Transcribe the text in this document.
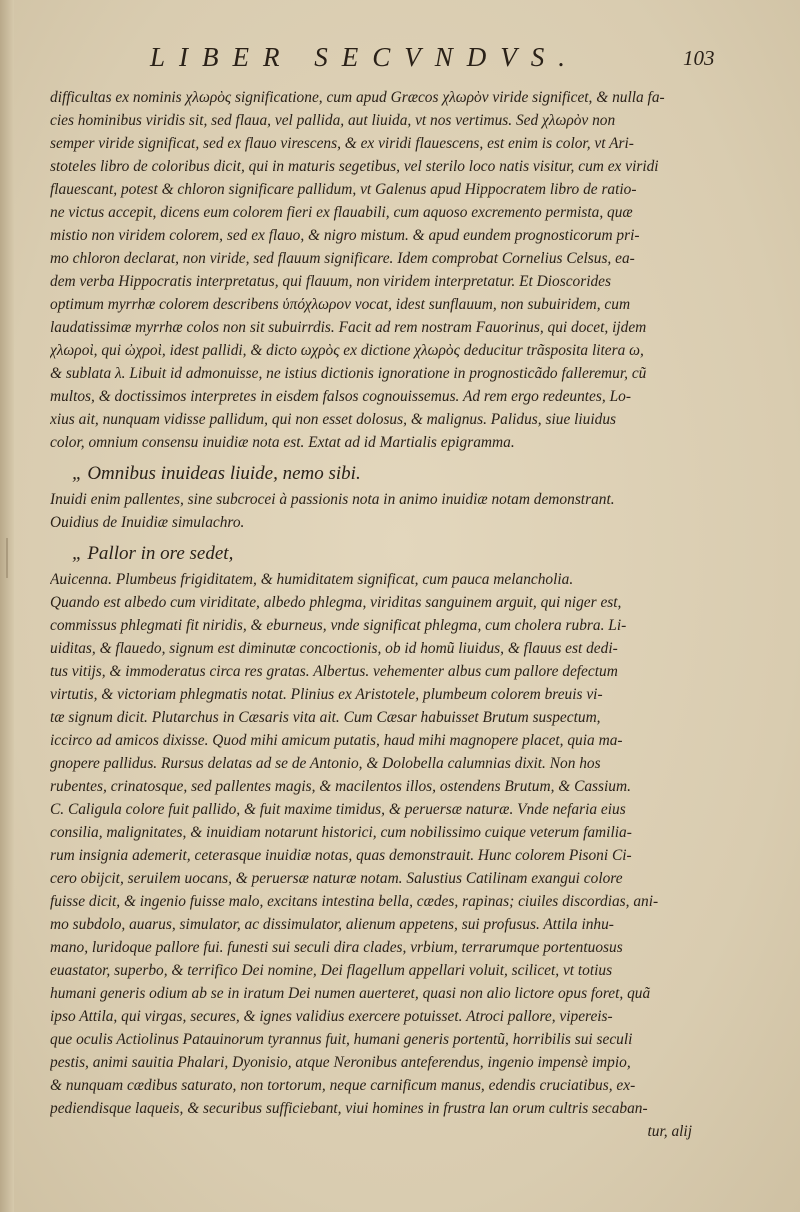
LIBER SECVNDVS.	103
difficultas ex nominis χλωρὸς significatione, cum apud Græcos χλωρὸν viride significet, & nulla fa-
cies hominibus viridis sit, sed flaua, vel pallida, aut liuida, vt nos vertimus. Sed χλωρὸν non
semper viride significat, sed ex flauo virescens, & ex viridi flauescens, est enim is color, vt Ari-
stoteles libro de coloribus dicit, qui in maturis segetibus, vel sterilo loco natis visitur, cum ex viridi
flauescant, potest & chloron significare pallidum, vt Galenus apud Hippocratem libro de ratio-
ne victus accepit, dicens eum colorem fieri ex flauabili, cum aquoso excremento permista, quæ
mistio non viridem colorem, sed ex flauo, & nigro mistum. & apud eundem prognosticorum pri-
mo chloron declarat, non viride, sed flauum significare. Idem comprobat Cornelius Celsus, ea-
dem verba Hippocratis interpretatus, qui flauum, non viridem interpretatur. Et Dioscorides
optimum myrrhæ colorem describens ὑπόχλωρον vocat, idest sunflauum, non subuiridem, cum
laudatissimæ myrrhæ colos non sit subuirrdis. Facit ad rem nostram Fauorinus, qui docet, ijdem
χλωροὶ, qui ὠχροὶ, idest pallidi, & dicto ωχρὸς ex dictione χλωρὸς deducitur trãspositа litera ω,
& sublata λ. Libuit id admonuisse, ne istius dictionis ignoratione in prognosticãdo falleremur, cũ
multos, & doctissimos interpretes in eisdem falsos cognouissemus. Ad rem ergo redeuntes, Lo-
xius ait, nunquam vidisse pallidum, qui non esset dolosus, & malignus. Palidus, siue liuidus
color, omnium consensu inuidiæ nota est. Extat ad id Martialis epigramma.
„ Omnibus inuideas liuide, nemo sibi.
Inuidi enim pallentes, sine subcrocei à passionis nota in animo inuidiæ notam demonstrant.
Ouidius de Inuidiæ simulachro.
„ Pallor in ore sedet,
Auicenna. Plumbeus frigiditatem, & humiditatem significat, cum pauca melancholia.
Quando est albedo cum viriditate, albedo phlegma, viriditas sanguinem arguit, qui niger est,
commissus phlegmati fit niridis, & eburneus, vnde significat phlegma, cum cholera rubra. Li-
uiditas, & flauedo, signum est diminutæ concoctionis, ob id homũ liuidus, & flauus est dedi-
tus vitijs, & immoderatus circa res gratas. Albertus. vehementer albus cum pallore defectum
virtutis, & victoriam phlegmatis notat. Plinius ex Aristotele, plumbeum colorem breuis vi-
tæ signum dicit. Plutarchus in Cæsaris vita ait. Cum Cæsar habuisset Brutum suspectum,
iccirco ad amicos dixisse. Quod mihi amicum putatis, haud mihi magnopere placet, quia ma-
gnopere pallidus. Rursus delatas ad se de Antonio, & Dolobella calumnias dixit. Non hos
rubentes, crinatosque, sed pallentes magis, & macilentos illos, ostendens Brutum, & Cassium.
C. Caligula colore fuit pallido, & fuit maxime timidus, & peruersæ naturæ. Vnde nefaria eius
consilia, malignitates, & inuidiam notarunt historici, cum nobilissimo cuique veterum familia-
rum insignia ademerit, ceterasque inuidiæ notas, quas demonstrauit. Hunc colorem Pisoni Ci-
cero obijcit, seruilem uocans, & peruersæ naturæ notam. Salustius Catilinam exangui colore
fuisse dicit, & ingenio fuisse malo, excitans intestina bella, cædes, rapinas; ciuiles discordias, ani-
mo subdolo, auarus, simulator, ac dissimulator, alienum appetens, sui profusus. Attila inhu-
mano, luridoque pallore fui. funesti sui seculi dira clades, vrbium, terrarumque portentuosus
euastator, superbo, & terrifico Dei nomine, Dei flagellum appellari voluit, scilicet, vt totius
humani generis odium ab se in iratum Dei numen auerteret, quasi non alio lictore opus foret, quã
ipso Attila, qui virgas, secures, & ignes validius exercere potuisset. Atroci pallore, vipereis-
que oculis Actiolinus Patauinorum tyrannus fuit, humani generis portentũ, horribilis sui seculi
pestis, animi sauitia Phalari, Dyonisio, atque Neronibus anteferendus, ingenio impensè impio,
& nunquam cædibus saturato, non tortorum, neque carnificum manus, edendis cruciatibus, ex-
pediendisque laqueis, & securibus sufficiebant, viui homines in frustra lan orum cultris secaban-
tur, alij
